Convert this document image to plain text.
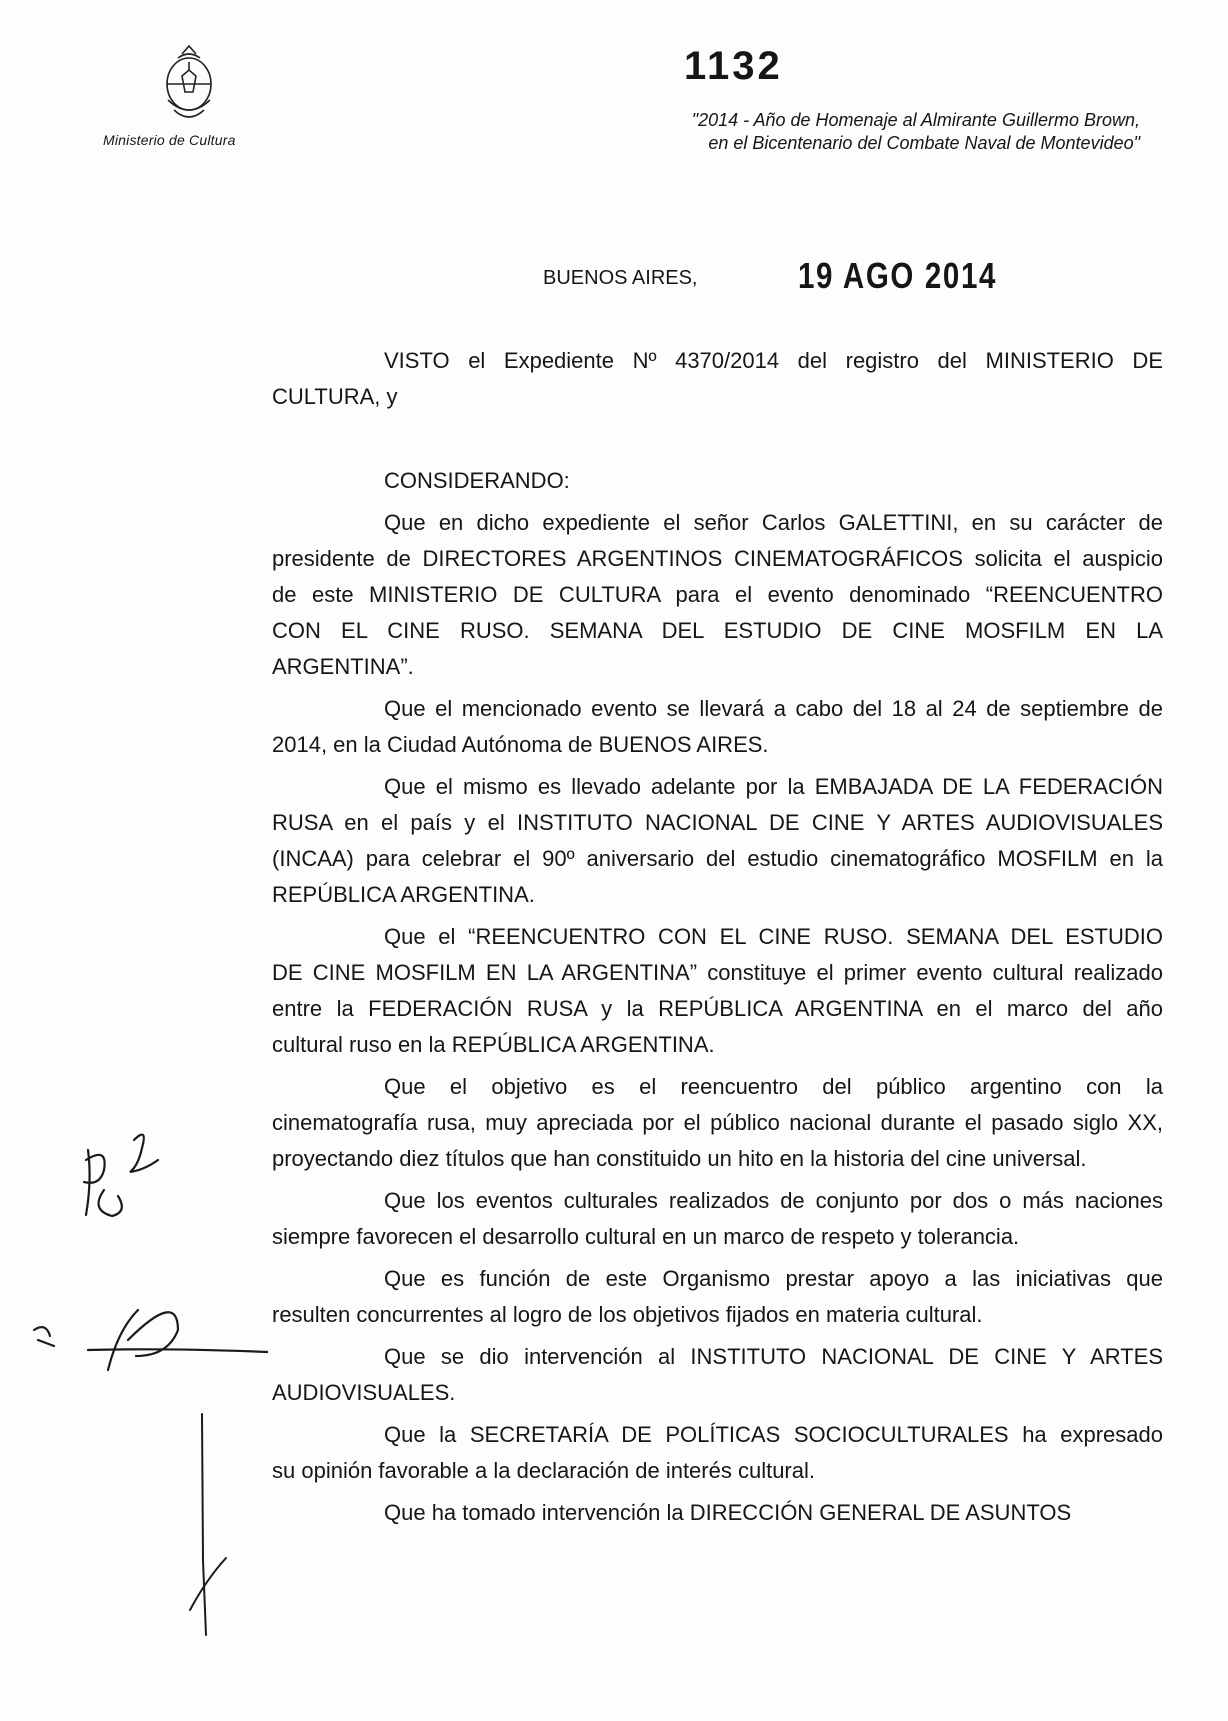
Ministerio de Cultura
1132
"2014 - Año de Homenaje al Almirante Guillermo Brown,
en el Bicentenario del Combate Naval de Montevideo"
BUENOS AIRES,	19 AGO 2014
VISTO el Expediente Nº 4370/2014 del registro del MINISTERIO DE
CULTURA, y
CONSIDERANDO:
Que en dicho expediente el señor Carlos GALETTINI, en su carácter de
presidente de DIRECTORES ARGENTINOS CINEMATOGRÁFICOS solicita el auspicio
de este MINISTERIO DE CULTURA para el evento denominado “REENCUENTRO
CON EL CINE RUSO. SEMANA DEL ESTUDIO DE CINE MOSFILM EN LA
ARGENTINA”.
Que el mencionado evento se llevará a cabo del 18 al 24 de septiembre de
2014, en la Ciudad Autónoma de BUENOS AIRES.
Que el mismo es llevado adelante por la EMBAJADA DE LA FEDERACIÓN
RUSA en el país y el INSTITUTO NACIONAL DE CINE Y ARTES AUDIOVISUALES
(INCAA) para celebrar el 90º aniversario del estudio cinematográfico MOSFILM en la
REPÚBLICA ARGENTINA.
Que el “REENCUENTRO CON EL CINE RUSO. SEMANA DEL ESTUDIO
DE CINE MOSFILM EN LA ARGENTINA” constituye el primer evento cultural realizado
entre la FEDERACIÓN RUSA y la REPÚBLICA ARGENTINA en el marco del año
cultural ruso en la REPÚBLICA ARGENTINA.
Que el objetivo es el reencuentro del público argentino con la
cinematografía rusa, muy apreciada por el público nacional durante el pasado siglo XX,
proyectando diez títulos que han constituido un hito en la historia del cine universal.
Que los eventos culturales realizados de conjunto por dos o más naciones
siempre favorecen el desarrollo cultural en un marco de respeto y tolerancia.
Que es función de este Organismo prestar apoyo a las iniciativas que
resulten concurrentes al logro de los objetivos fijados en materia cultural.
Que se dio intervención al INSTITUTO NACIONAL DE CINE Y ARTES
AUDIOVISUALES.
Que la SECRETARÍA DE POLÍTICAS SOCIOCULTURALES ha expresado
su opinión favorable a la declaración de interés cultural.
Que ha tomado intervención la DIRECCIÓN GENERAL DE ASUNTOS
